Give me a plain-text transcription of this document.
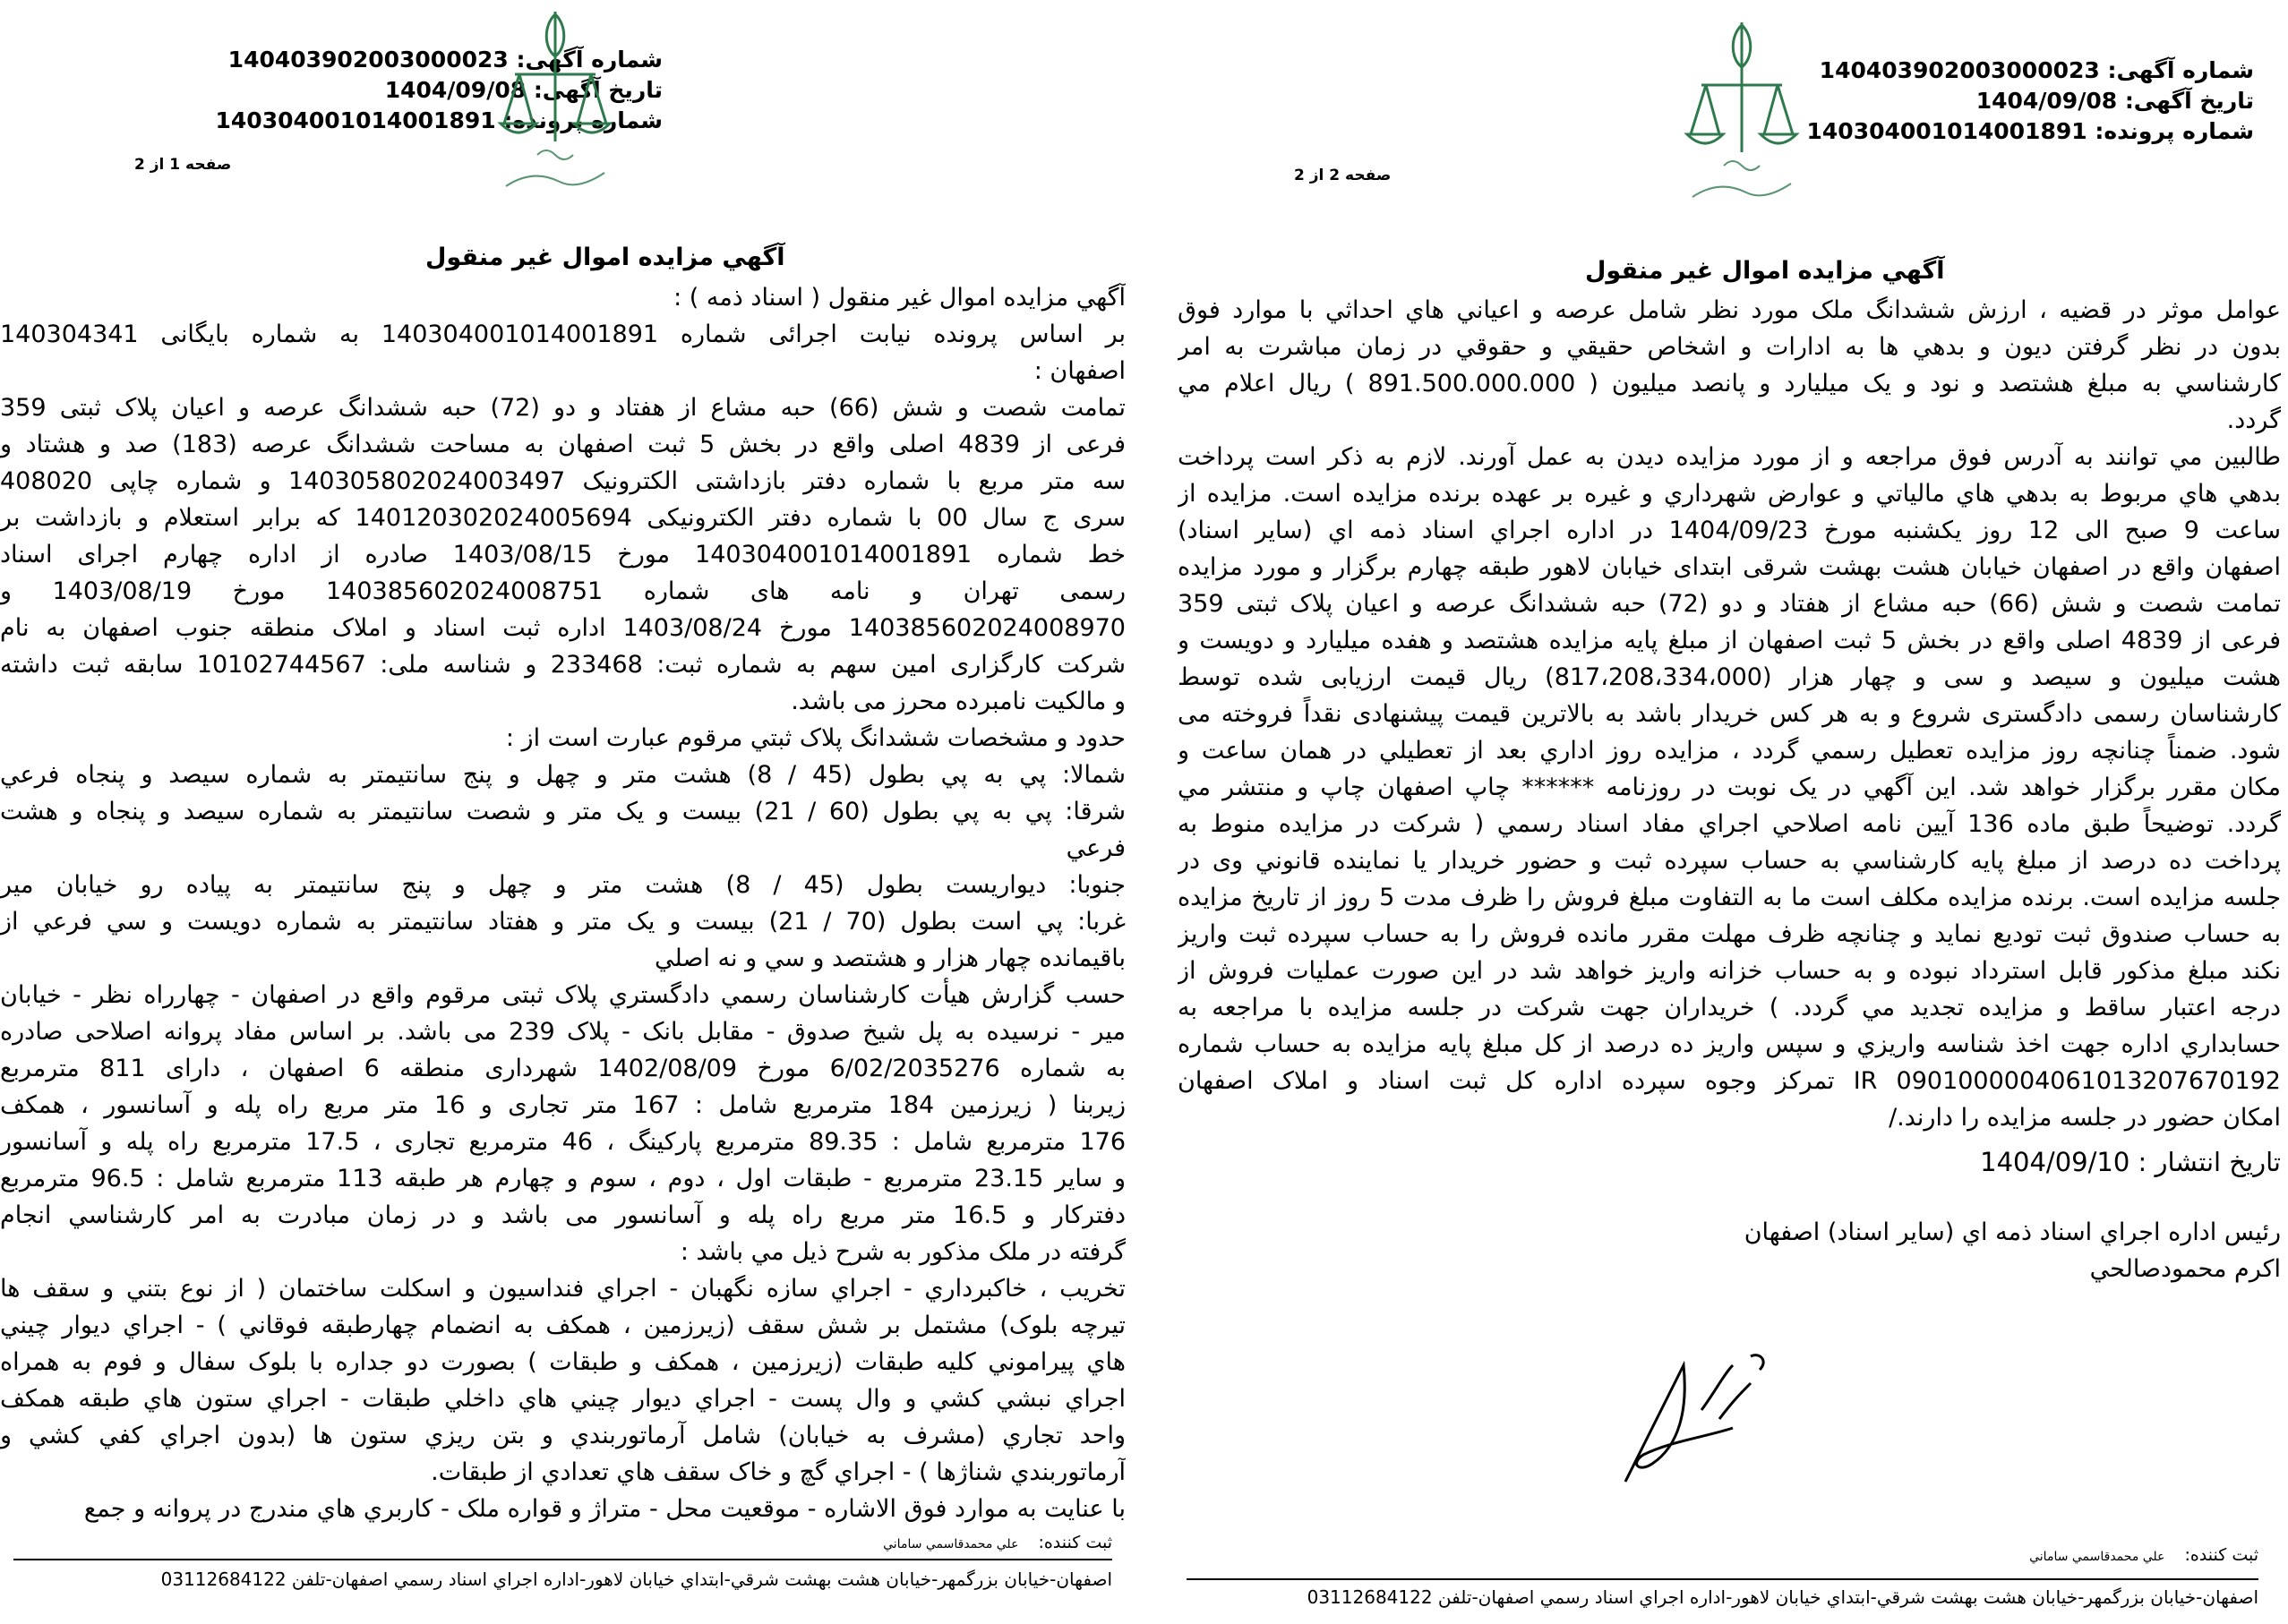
شماره آگهی: 140403902003000023
تاریخ آگهی: 1404/09/08
شماره پرونده: 140304001014001891
صفحه 1 از 2
آگهي مزايده اموال غير منقول
آگهي مزايده اموال غير منقول ( اسناد ذمه ) :
بر اساس پرونده نيابت اجرائی شماره 140304001014001891 به شماره بايگانی 140304341
اصفهان :
تمامت شصت و شش (66) حبه مشاع از هفتاد و دو (72) حبه ششدانگ عرصه و اعيان پلاک ثبتی 359
فرعی از 4839 اصلی واقع در بخش 5 ثبت اصفهان به مساحت ششدانگ عرصه (183) صد و هشتاد و
سه متر مربع با شماره دفتر بازداشتی الکترونيک 140305802024003497 و شماره چاپی 408020
سری ج سال 00 با شماره دفتر الکترونيکی 140120302024005694 که برابر استعلام و بازداشت بر
خط شماره 140304001014001891 مورخ 1403/08/15 صادره از اداره چهارم اجرای اسناد
رسمی تهران و نامه های شماره 140385602024008751 مورخ 1403/08/19 و
140385602024008970 مورخ 1403/08/24 اداره ثبت اسناد و املاک منطقه جنوب اصفهان به نام
شرکت کارگزاری امين سهم به شماره ثبت: 233468 و شناسه ملی: 10102744567 سابقه ثبت داشته
و مالکيت نامبرده محرز می باشد.
حدود و مشخصات ششدانگ پلاک ثبتي مرقوم عبارت است از :
شمالا: پي به پي بطول (45 / 8) هشت متر و چهل و پنج سانتيمتر به شماره سيصد و پنجاه فرعي
شرقا: پي به پي بطول (60 / 21) بيست و يک متر و شصت سانتيمتر به شماره سيصد و پنجاه و هشت
فرعي
جنوبا: ديواريست بطول (45 / 8) هشت متر و چهل و پنج سانتيمتر به پياده رو خيابان مير
غربا: پي است بطول (70 / 21) بيست و يک متر و هفتاد سانتيمتر به شماره دويست و سي فرعي از
باقيمانده چهار هزار و هشتصد و سي و نه اصلي
حسب گزارش هيأت کارشناسان رسمي دادگستري پلاک ثبتی مرقوم واقع در اصفهان - چهارراه نظر - خيابان
مير - نرسيده به پل شيخ صدوق - مقابل بانک - پلاک 239 می باشد. بر اساس مفاد پروانه اصلاحی صادره
به شماره 6/02/2035276 مورخ 1402/08/09 شهرداری منطقه 6 اصفهان ، دارای 811 مترمربع
زيربنا ( زيرزمين 184 مترمربع شامل : 167 متر تجاری و 16 متر مربع راه پله و آسانسور ، همکف
176 مترمربع شامل : 89.35 مترمربع پارکينگ ، 46 مترمربع تجاری ، 17.5 مترمربع راه پله و آسانسور
و ساير 23.15 مترمربع - طبقات اول ، دوم ، سوم و چهارم هر طبقه 113 مترمربع شامل : 96.5 مترمربع
دفترکار و 16.5 متر مربع راه پله و آسانسور می باشد و در زمان مبادرت به امر کارشناسي انجام
گرفته در ملک مذکور به شرح ذيل مي باشد :
تخريب ، خاکبرداري - اجراي سازه نگهبان - اجراي فنداسيون و اسکلت ساختمان ( از نوع بتني و سقف ها
تيرچه بلوک) مشتمل بر شش سقف (زيرزمين ، همکف به انضمام چهارطبقه فوقاني ) - اجراي ديوار چيني
هاي پيراموني کليه طبقات (زيرزمين ، همکف و طبقات ) بصورت دو جداره با بلوک سفال و فوم به همراه
اجراي نبشي کشي و وال پست - اجراي ديوار چيني هاي داخلي طبقات - اجراي ستون هاي طبقه همکف
واحد تجاري (مشرف به خيابان) شامل آرماتوربندي و بتن ريزي ستون ها (بدون اجراي کفي کشي و
آرماتوربندي شناژها ) - اجراي گچ و خاک سقف هاي تعدادي از طبقات.
با عنايت به موارد فوق الاشاره - موقعيت محل - متراژ و قواره ملک - کاربري هاي مندرج در پروانه و جمع
ثبت کننده:علي محمدقاسمي ساماني
اصفهان-خيابان بزرگمهر-خيابان هشت بهشت شرقي-ابتداي خيابان لاهور-اداره اجراي اسناد رسمي اصفهان-تلفن 03112684122
شماره آگهی: 140403902003000023
تاریخ آگهی: 1404/09/08
شماره پرونده: 140304001014001891
صفحه 2 از 2
آگهي مزايده اموال غير منقول
عوامل موثر در قضيه ، ارزش ششدانگ ملک مورد نظر شامل عرصه و اعياني هاي احداثي با موارد فوق
بدون در نظر گرفتن ديون و بدهي ها به ادارات و اشخاص حقيقي و حقوقي در زمان مباشرت به امر
کارشناسي به مبلغ هشتصد و نود و يک ميليارد و پانصد ميليون ( 891.500.000.000 ) ريال اعلام مي
گردد.
طالبين مي توانند به آدرس فوق مراجعه و از مورد مزايده ديدن به عمل آورند. لازم به ذکر است پرداخت
بدهي هاي مربوط به بدهي هاي مالياتي و عوارض شهرداري و غيره بر عهده برنده مزايده است. مزايده از
ساعت 9 صبح الی 12 روز يکشنبه مورخ 1404/09/23 در اداره اجراي اسناد ذمه اي (ساير اسناد)
اصفهان واقع در اصفهان خيابان هشت بهشت شرقی ابتدای خيابان لاهور طبقه چهارم برگزار و مورد مزايده
تمامت شصت و شش (66) حبه مشاع از هفتاد و دو (72) حبه ششدانگ عرصه و اعيان پلاک ثبتی 359
فرعی از 4839 اصلی واقع در بخش 5 ثبت اصفهان از مبلغ پايه مزايده هشتصد و هفده ميليارد و دويست و
هشت ميليون و سيصد و سی و چهار هزار (817،208،334،000) ريال قيمت ارزيابی شده توسط
کارشناسان رسمی دادگستری شروع و به هر کس خريدار باشد به بالاترين قيمت پيشنهادی نقداً فروخته می
شود. ضمناً چنانچه روز مزايده تعطيل رسمي گردد ، مزايده روز اداري بعد از تعطيلي در همان ساعت و
مکان مقرر برگزار خواهد شد. اين آگهي در يک نوبت در روزنامه ****** چاپ اصفهان چاپ و منتشر مي
گردد. توضيحاً طبق ماده 136 آيين نامه اصلاحي اجراي مفاد اسناد رسمي ( شرکت در مزايده منوط به
پرداخت ده درصد از مبلغ پايه کارشناسي به حساب سپرده ثبت و حضور خريدار يا نماينده قانوني وی در
جلسه مزايده است. برنده مزايده مکلف است ما به التفاوت مبلغ فروش را ظرف مدت 5 روز از تاريخ مزايده
به حساب صندوق ثبت توديع نمايد و چنانچه ظرف مهلت مقرر مانده فروش را به حساب سپرده ثبت واريز
نکند مبلغ مذکور قابل استرداد نبوده و به حساب خزانه واريز خواهد شد در اين صورت عمليات فروش از
درجه اعتبار ساقط و مزايده تجديد مي گردد. ) خريداران جهت شرکت در جلسه مزايده با مراجعه به
حسابداري اداره جهت اخذ شناسه واريزي و سپس واريز ده درصد از کل مبلغ پايه مزايده به حساب شماره
IR 0901000004061013207670192 تمرکز وجوه سپرده اداره کل ثبت اسناد و املاک اصفهان
امکان حضور در جلسه مزايده را دارند./
تاريخ انتشار : 1404/09/10
رئيس اداره اجراي اسناد ذمه اي (ساير اسناد) اصفهان
اکرم محمودصالحي
ثبت کننده:علي محمدقاسمي ساماني
اصفهان-خيابان بزرگمهر-خيابان هشت بهشت شرقي-ابتداي خيابان لاهور-اداره اجراي اسناد رسمي اصفهان-تلفن 03112684122
